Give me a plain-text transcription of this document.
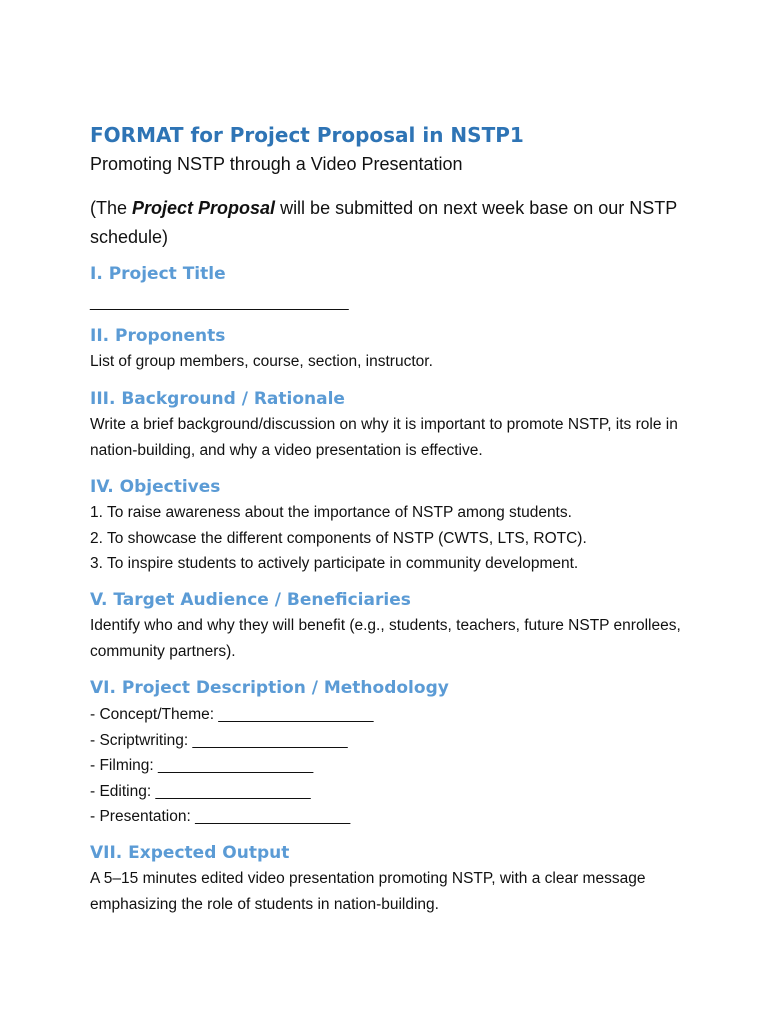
FORMAT for Project Proposal in NSTP1
Promoting NSTP through a Video Presentation
(The Project Proposal will be submitted on next week base on our NSTP schedule)
I. Project Title
______________________________
II. Proponents
List of group members, course, section, instructor.
III. Background / Rationale
Write a brief background/discussion on why it is important to promote NSTP, its role in nation-building, and why a video presentation is effective.
IV. Objectives
1. To raise awareness about the importance of NSTP among students.
2. To showcase the different components of NSTP (CWTS, LTS, ROTC).
3. To inspire students to actively participate in community development.
V. Target Audience / Beneficiaries
Identify who and why they will benefit (e.g., students, teachers, future NSTP enrollees, community partners).
VI. Project Description / Methodology
- Concept/Theme: __________________
- Scriptwriting: __________________
- Filming: __________________
- Editing: __________________
- Presentation: __________________
VII. Expected Output
A 5–15 minutes edited video presentation promoting NSTP, with a clear message emphasizing the role of students in nation-building.
